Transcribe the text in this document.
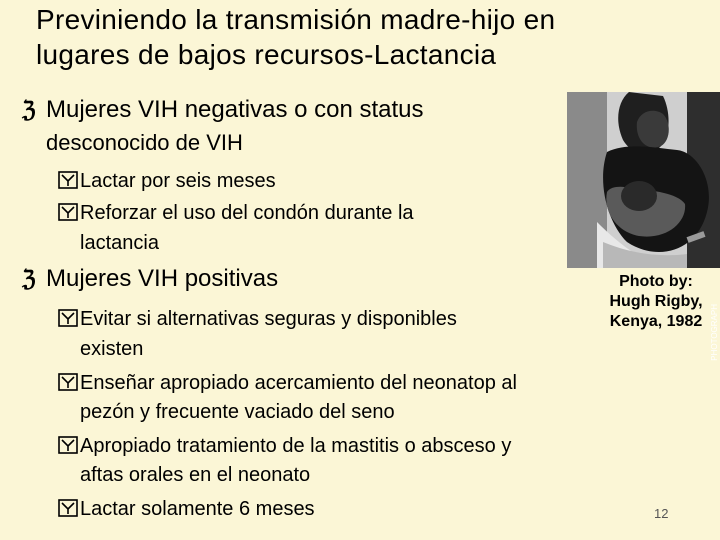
Previniendo la transmisión madre-hijo en
lugares de bajos recursos-Lactancia
PHOTOGRAPH
Photo by:
Hugh Rigby,
Kenya, 1982
ℨ Mujeres VIH negativas o con status
desconocido de VIH
Lactar por seis meses
Reforzar el uso del condón durante la
lactancia
ℨ Mujeres VIH positivas
Evitar si alternativas seguras y disponibles
existen
Enseñar apropiado acercamiento del neonatop al
pezón y frecuente vaciado del seno
Apropiado tratamiento de la mastitis o absceso y
aftas orales en el neonato
Lactar solamente 6 meses	12
